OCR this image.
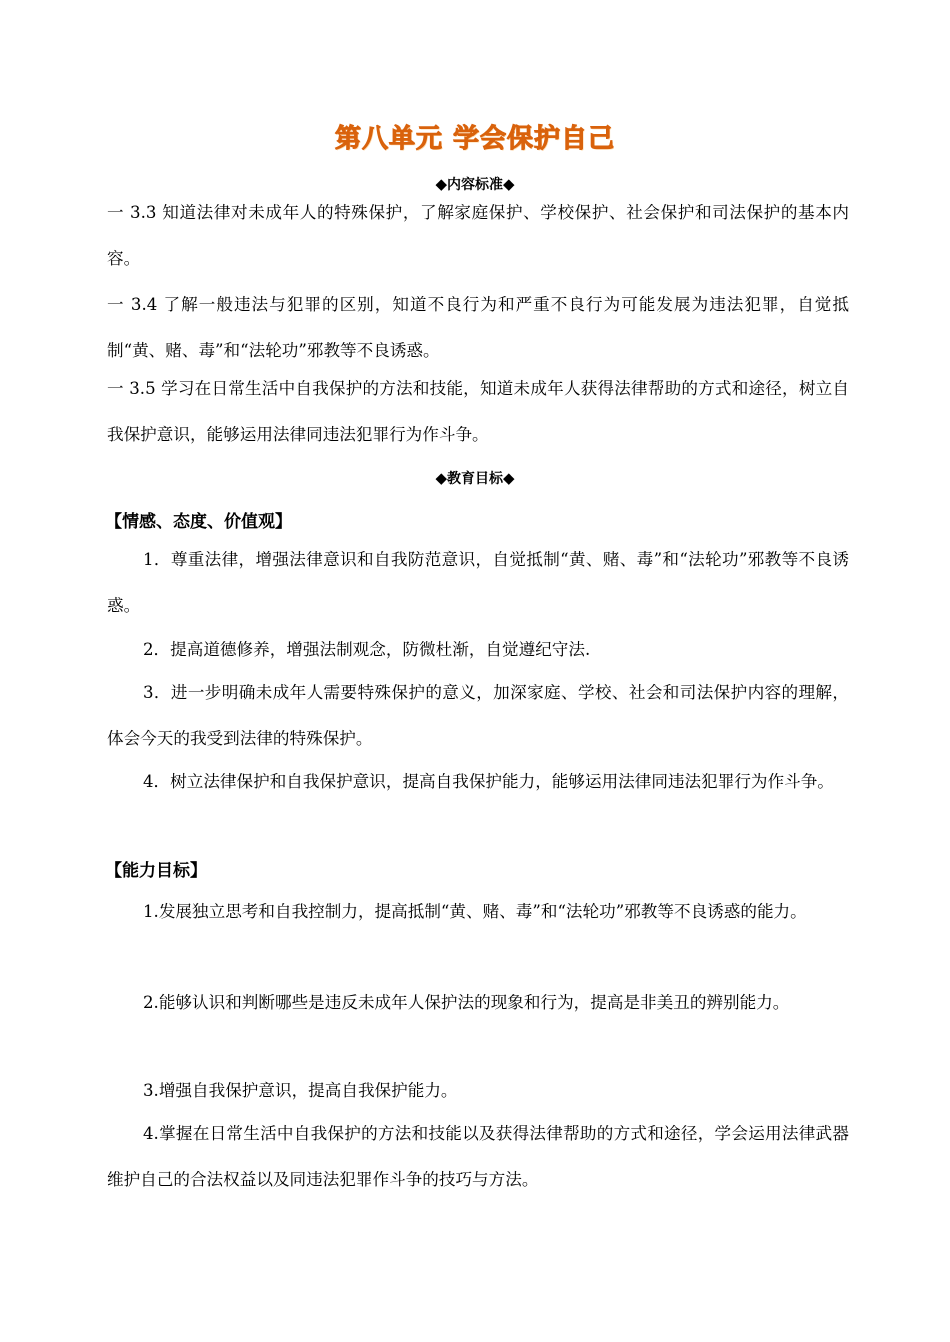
第八单元 学会保护自己
◆内容标准◆
一 3.3 知道法律对未成年人的特殊保护，了解家庭保护、学校保护、社会保护和司法保护的基本内容。
一 3.4 了解一般违法与犯罪的区别，知道不良行为和严重不良行为可能发展为违法犯罪，自觉抵制“黄、赌、毒”和“法轮功”邪教等不良诱惑。
一 3.5 学习在日常生活中自我保护的方法和技能，知道未成年人获得法律帮助的方式和途径，树立自我保护意识，能够运用法律同违法犯罪行为作斗争。
◆教育目标◆
【情感、态度、价值观】
1．尊重法律，增强法律意识和自我防范意识，自觉抵制“黄、赌、毒”和“法轮功”邪教等不良诱惑。
2．提高道德修养，增强法制观念，防微杜渐，自觉遵纪守法.
3．进一步明确未成年人需要特殊保护的意义，加深家庭、学校、社会和司法保护内容的理解，体会今天的我受到法律的特殊保护。
4．树立法律保护和自我保护意识，提高自我保护能力，能够运用法律同违法犯罪行为作斗争。
【能力目标】
1.发展独立思考和自我控制力，提高抵制“黄、赌、毒”和“法轮功”邪教等不良诱惑的能力。
2.能够认识和判断哪些是违反未成年人保护法的现象和行为，提高是非美丑的辨别能力。
3.增强自我保护意识，提高自我保护能力。
4.掌握在日常生活中自我保护的方法和技能以及获得法律帮助的方式和途径，学会运用法律武器维护自己的合法权益以及同违法犯罪作斗争的技巧与方法。
